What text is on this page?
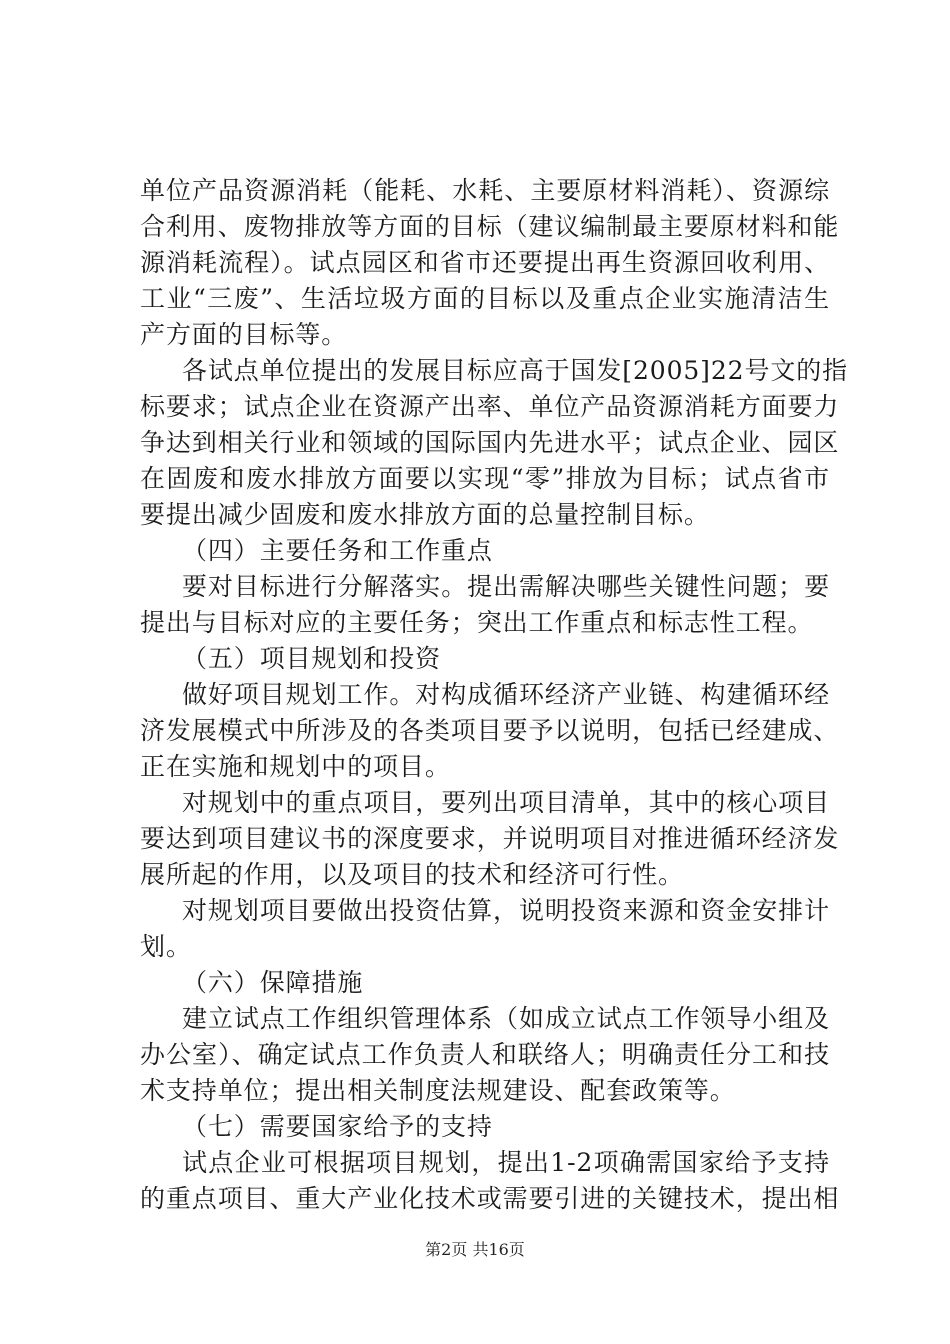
单位产品资源消耗（能耗、水耗、主要原材料消耗）、资源综
合利用、废物排放等方面的目标（建议编制最主要原材料和能
源消耗流程）。试点园区和省市还要提出再生资源回收利用、
工业“三废”、生活垃圾方面的目标以及重点企业实施清洁生
产方面的目标等。
各试点单位提出的发展目标应高于国发[2005]22号文的指
标要求；试点企业在资源产出率、单位产品资源消耗方面要力
争达到相关行业和领域的国际国内先进水平；试点企业、园区
在固废和废水排放方面要以实现“零”排放为目标；试点省市
要提出减少固废和废水排放方面的总量控制目标。
（四）主要任务和工作重点
要对目标进行分解落实。提出需解决哪些关键性问题；要
提出与目标对应的主要任务；突出工作重点和标志性工程。
（五）项目规划和投资
做好项目规划工作。对构成循环经济产业链、构建循环经
济发展模式中所涉及的各类项目要予以说明，包括已经建成、
正在实施和规划中的项目。
对规划中的重点项目，要列出项目清单，其中的核心项目
要达到项目建议书的深度要求，并说明项目对推进循环经济发
展所起的作用，以及项目的技术和经济可行性。
对规划项目要做出投资估算，说明投资来源和资金安排计
划。
（六）保障措施
建立试点工作组织管理体系（如成立试点工作领导小组及
办公室）、确定试点工作负责人和联络人；明确责任分工和技
术支持单位；提出相关制度法规建设、配套政策等。
（七）需要国家给予的支持
试点企业可根据项目规划，提出1-2项确需国家给予支持
的重点项目、重大产业化技术或需要引进的关键技术，提出相
第2页 共16页
